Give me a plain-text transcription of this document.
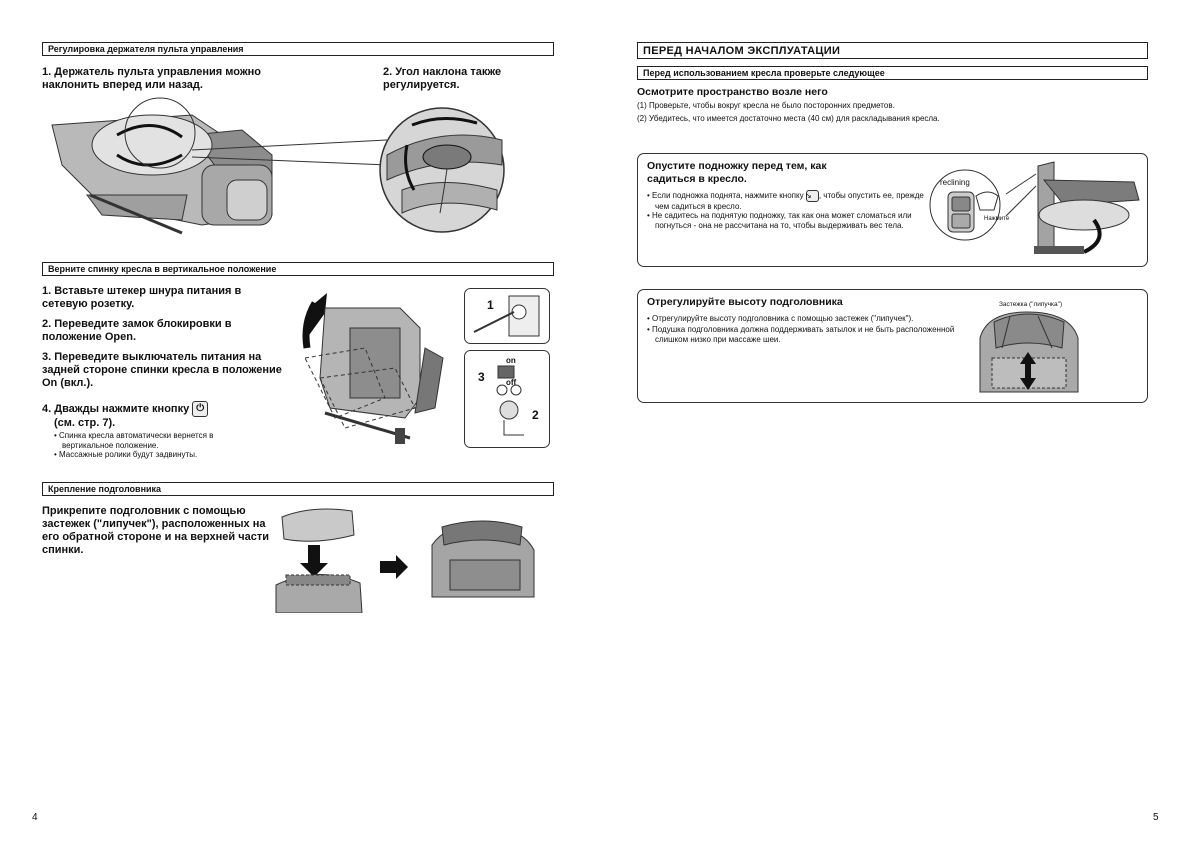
Регулировка держателя пульта управления
1. Держатель пульта управления можно наклонить вперед или назад.
2. Угол наклона также регулируется.
Верните спинку кресла в вертикальное положение
1. Вставьте штекер шнура питания в сетевую розетку.
2. Переведите замок блокировки в положение Open.
3. Переведите выключатель питания на задней стороне спинки кресла в положение On (вкл.).
4. Дважды нажмите кнопку ⏻
(см. стр. 7).
• Спинка кресла автоматически вернется в вертикальное положение.
• Массажные ролики будут задвинуты.
1
on
off
3
2
Крепление подголовника
Прикрепите подголовник с помощью застежек ("липучек"), расположенных на его обратной стороне и на верхней части спинки.
4
ПЕРЕД НАЧАЛОМ ЭКСПЛУАТАЦИИ
Перед использованием кресла проверьте следующее
Осмотрите пространство возле него
(1) Проверьте, чтобы вокруг кресла не было посторонних предметов.
(2) Убедитесь, что имеется достаточно места (40 см) для раскладывания кресла.
Опустите подножку перед тем, как садиться в кресло.
• Если подножка поднята, нажмите кнопку ↘ , чтобы опустить ее, прежде чем садиться в кресло.
• Не садитесь на поднятую подножку, так как она может сломаться или погнуться - она не рассчитана на то, чтобы выдерживать вес тела.
reclining
Нажмите
Отрегулируйте высоту подголовника
• Отрегулируйте высоту подголовника с помощью застежек ("липучек").
• Подушка подголовника должна поддерживать затылок и не быть расположенной слишком низко при массаже шеи.
Застежка ("липучка")
5
